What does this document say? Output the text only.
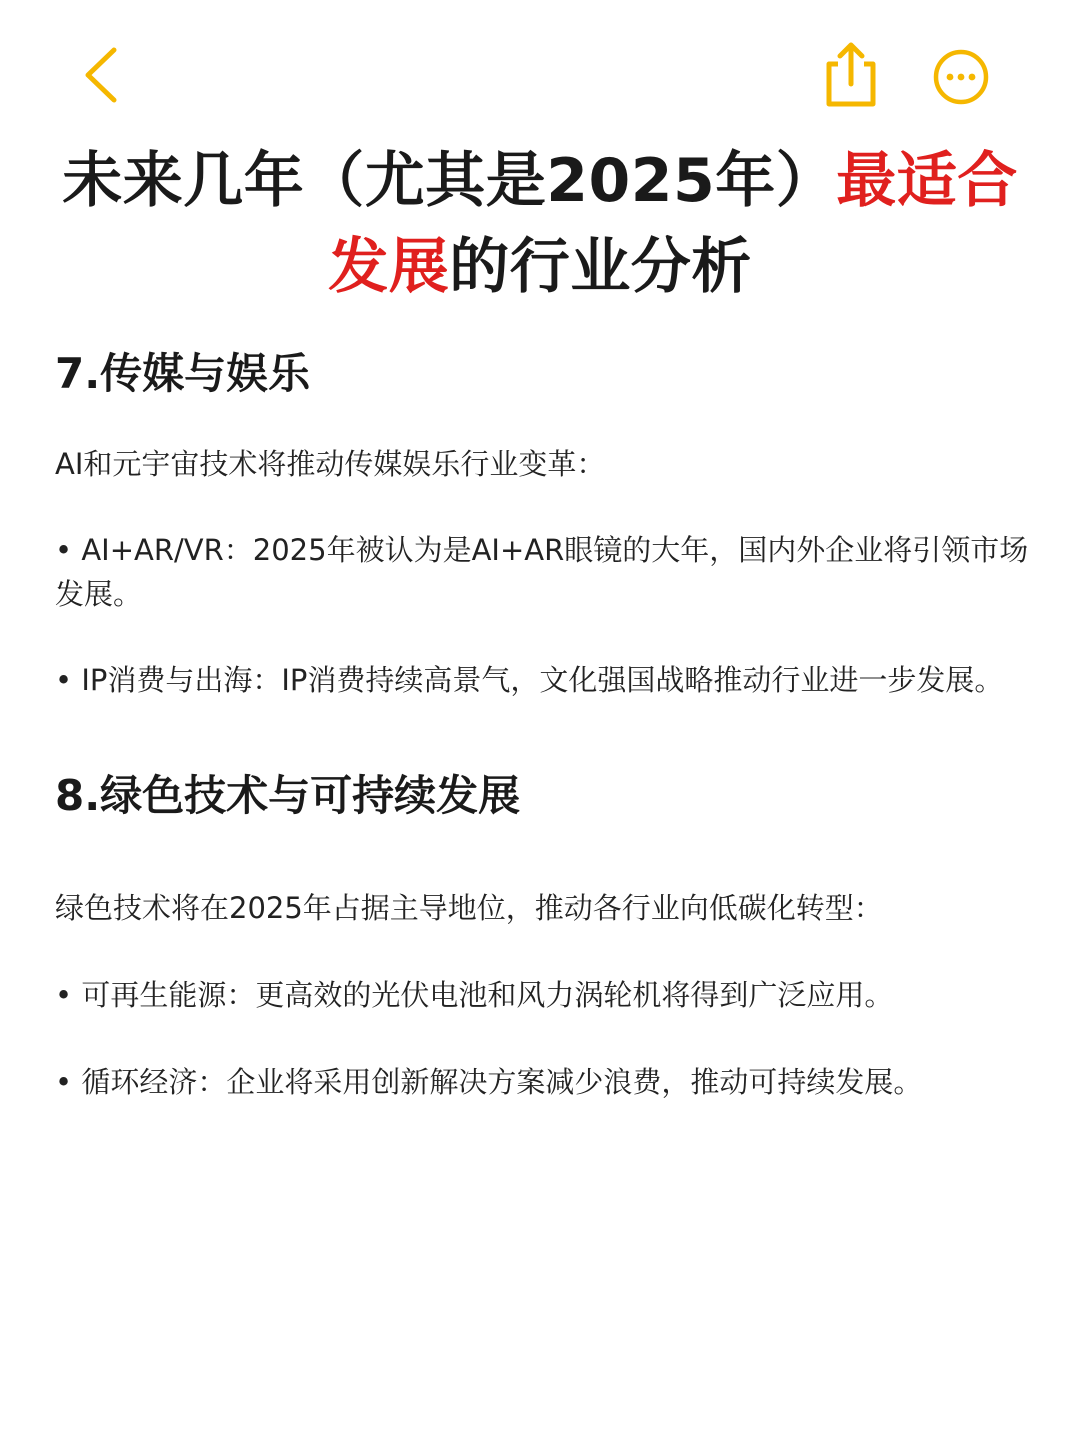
未来几年（尤其是2025年）最适合发展的行业分析
7.传媒与娱乐

AI和元宇宙技术将推动传媒娱乐行业变革：

• AI+AR/VR：2025年被认为是AI+AR眼镜的大年，国内外企业将引领市场发展。

• IP消费与出海：IP消费持续高景气，文化强国战略推动行业进一步发展。

8.绿色技术与可持续发展

绿色技术将在2025年占据主导地位，推动各行业向低碳化转型：

• 可再生能源：更高效的光伏电池和风力涡轮机将得到广泛应用。

• 循环经济：企业将采用创新解决方案减少浪费，推动可持续发展。
